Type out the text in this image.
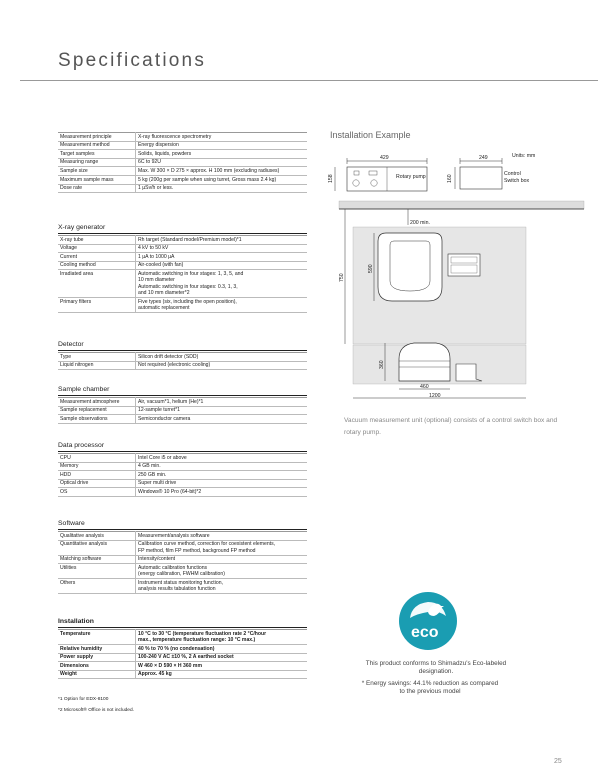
Specifications
Measurement principle	X-ray fluorescence spectrometry
Measurement method	Energy dispersion
Target samples	Solids, liquids, powders
Measuring range	6C to 92U
Sample size	Max. W 300 × D 275 × approx. H 100 mm (excluding radiuses)
Maximum sample mass	5 kg (200g per sample when using turret, Gross mass 2.4 kg)
Dose rate	1 µSv/h or less.
X-ray generator
X-ray tube	Rh target (Standard model/Premium model)*1
Voltage	4 kV to 50 kV
Current	1 µA to 1000 µA
Cooling method	Air-cooled (with fan)
Irradiated area	Automatic switching in four stages: 1, 3, 5, and
10 mm diameter
Automatic switching in four stages: 0.3, 1, 3,
and 10 mm diameter*2
Primary filters	Five types (six, including the open position),
automatic replacement
Detector
Type	Silicon drift detector (SDD)
Liquid nitrogen	Not required (electronic cooling)
Sample chamber
Measurement atmosphere	Air, vacuum*1, helium (He)*1
Sample replacement	12-sample turret*1
Sample observations	Semiconductor camera
Data processor
CPU	Intel Core i5 or above
Memory	4 GB min.
HDD	250 GB min.
Optical drive	Super multi drive
OS	Windows® 10 Pro (64-bit)*2
Software
Qualitative analysis	Measurement/analysis software
Quantitative analysis	Calibration curve method, correction for coexistent elements,
FP method, film FP method, background FP method
Matching software	Intensity/content
Utilities	Automatic calibration functions
(energy calibration, FWHM calibration)
Others	Instrument status monitoring function,
analysis results tabulation function
Installation
Temperature	10 °C to 30 °C (temperature fluctuation rate 2 °C/hour
max., temperature fluctuation range: 10 °C max.)
Relative humidity	40 % to 70 % (no condensation)
Power supply	100-240 V AC ±10 %, 2 A earthed socket
Dimensions	W 460 × D 590 × H 360 mm
Weight	Approx. 45 kg
*1 Option for EDX-8100
*2 Microsoft® Office is not included.
Installation Example
Units: mm
429
Rotary pump
158
249
Control
Switch box
160
200 min.
750
590
360
460
1200
Vacuum measurement unit (optional) consists of a control switch box and rotary pump.
eco
This product conforms to Shimadzu's Eco-labeled designation.
* Energy savings: 44.1% reduction as compared to the previous model
25
